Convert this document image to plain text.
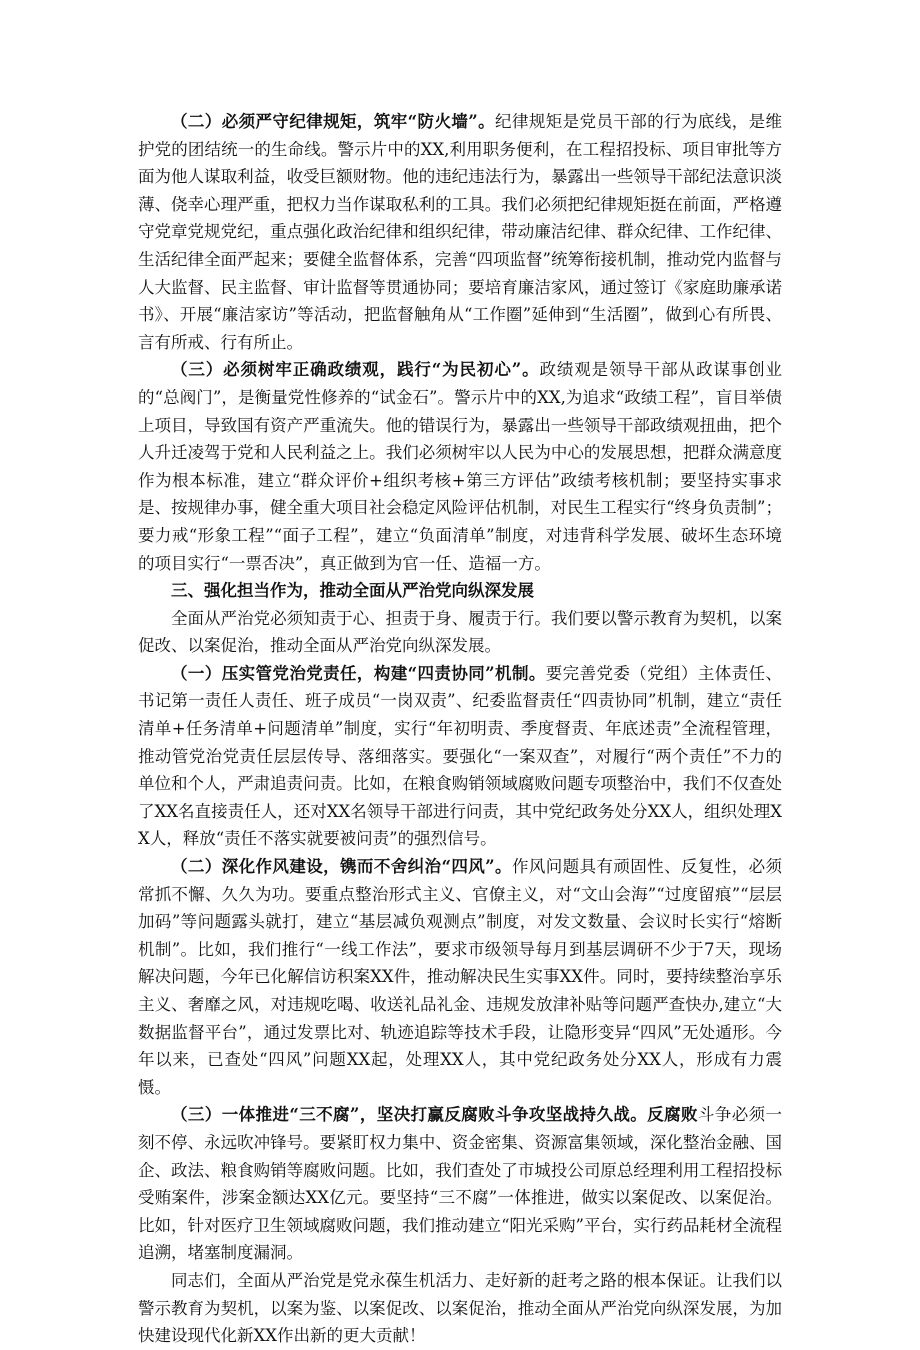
（二）必须严守纪律规矩，筑牢“防火墙”。纪律规矩是党员干部的行为底线，是维护党的团结统一的生命线。警示片中的XX,利用职务便利，在工程招投标、项目审批等方面为他人谋取利益，收受巨额财物。他的违纪违法行为，暴露出一些领导干部纪法意识淡薄、侥幸心理严重，把权力当作谋取私利的工具。我们必须把纪律规矩挺在前面，严格遵守党章党规党纪，重点强化政治纪律和组织纪律，带动廉洁纪律、群众纪律、工作纪律、生活纪律全面严起来；要健全监督体系，完善“四项监督”统筹衔接机制，推动党内监督与人大监督、民主监督、审计监督等贯通协同；要培育廉洁家风，通过签订《家庭助廉承诺书》、开展“廉洁家访”等活动，把监督触角从“工作圈”延伸到“生活圈”，做到心有所畏、言有所戒、行有所止。

（三）必须树牢正确政绩观，践行“为民初心”。政绩观是领导干部从政谋事创业的“总阀门”，是衡量党性修养的“试金石”。警示片中的XX,为追求“政绩工程”，盲目举债上项目，导致国有资产严重流失。他的错误行为，暴露出一些领导干部政绩观扭曲，把个人升迁凌驾于党和人民利益之上。我们必须树牢以人民为中心的发展思想，把群众满意度作为根本标准，建立“群众评价+组织考核+第三方评估”政绩考核机制；要坚持实事求是、按规律办事，健全重大项目社会稳定风险评估机制，对民生工程实行“终身负责制”；要力戒“形象工程”“面子工程”，建立“负面清单”制度，对违背科学发展、破坏生态环境的项目实行“一票否决”，真正做到为官一任、造福一方。

三、强化担当作为，推动全面从严治党向纵深发展

全面从严治党必须知责于心、担责于身、履责于行。我们要以警示教育为契机，以案促改、以案促治，推动全面从严治党向纵深发展。

（一）压实管党治党责任，构建“四责协同”机制。要完善党委（党组）主体责任、书记第一责任人责任、班子成员“一岗双责”、纪委监督责任“四责协同”机制，建立“责任清单+任务清单+问题清单”制度，实行“年初明责、季度督责、年底述责”全流程管理，推动管党治党责任层层传导、落细落实。要强化“一案双查”，对履行“两个责任”不力的单位和个人，严肃追责问责。比如，在粮食购销领域腐败问题专项整治中，我们不仅查处了XX名直接责任人，还对XX名领导干部进行问责，其中党纪政务处分XX人，组织处理XX人，释放“责任不落实就要被问责”的强烈信号。

（二）深化作风建设，镌而不舍纠治“四风”。作风问题具有顽固性、反复性，必须常抓不懈、久久为功。要重点整治形式主义、官僚主义，对“文山会海”“过度留痕”“层层加码”等问题露头就打，建立“基层减负观测点”制度，对发文数量、会议时长实行“熔断机制”。比如，我们推行“一线工作法”，要求市级领导每月到基层调研不少于7天，现场解决问题，今年已化解信访积案XX件，推动解决民生实事XX件。同时，要持续整治享乐主义、奢靡之风，对违规吃喝、收送礼品礼金、违规发放津补贴等问题严查快办,建立“大数据监督平台”，通过发票比对、轨迹追踪等技术手段，让隐形变异“四风”无处遁形。今年以来，已查处“四风”问题XX起，处理XX人，其中党纪政务处分XX人，形成有力震慑。

（三）一体推进“三不腐”，坚决打赢反腐败斗争攻坚战持久战。反腐败斗争必须一刻不停、永远吹冲锋号。要紧盯权力集中、资金密集、资源富集领域，深化整治金融、国企、政法、粮食购销等腐败问题。比如，我们查处了市城投公司原总经理利用工程招投标受贿案件，涉案金额达XX亿元。要坚持“三不腐”一体推进，做实以案促改、以案促治。比如，针对医疗卫生领域腐败问题，我们推动建立“阳光采购”平台，实行药品耗材全流程追溯，堵塞制度漏洞。

同志们，全面从严治党是党永葆生机活力、走好新的赶考之路的根本保证。让我们以警示教育为契机，以案为鉴、以案促改、以案促治，推动全面从严治党向纵深发展，为加快建设现代化新XX作出新的更大贡献！
